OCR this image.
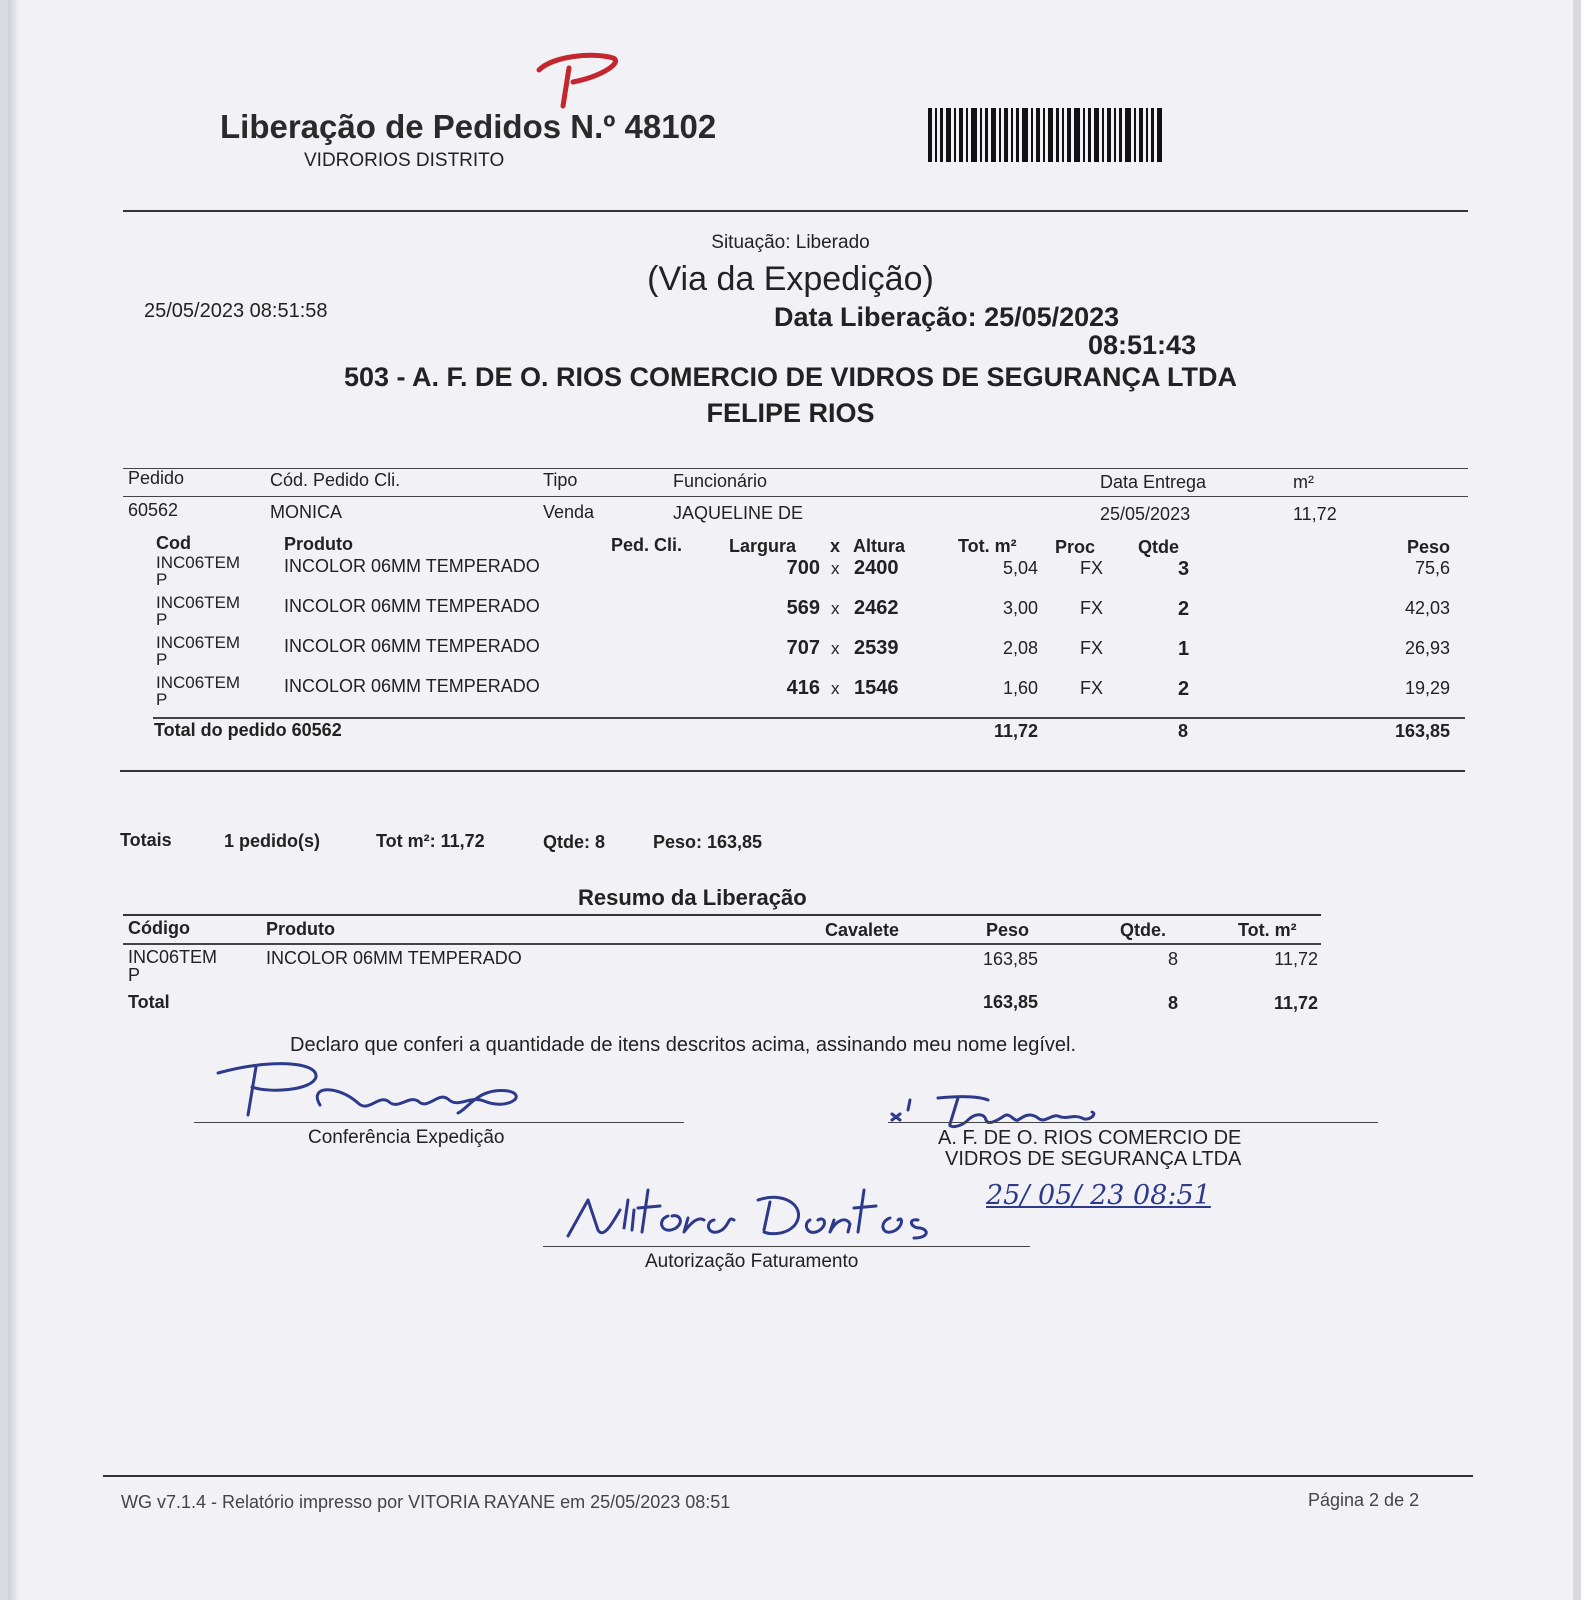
Liberação de Pedidos N.º 48102
VIDRORIOS DISTRITO
Situação: Liberado
(Via da Expedição)
25/05/2023 08:51:58	Data Liberação: 25/05/2023
08:51:43
503 - A. F. DE O. RIOS COMERCIO DE VIDROS DE SEGURANÇA LTDA
FELIPE RIOS
Pedido	Cód. Pedido Cli.	Tipo	Funcionário	Data Entrega	m²
60562	MONICA	Venda	JAQUELINE DE	25/05/2023	11,72
Cod	Produto	Ped. Cli.	Largura x Altura	Tot. m² Proc Qtde	Peso
INC06TEM
P
INCOLOR 06MM TEMPERADO	700 x 2400	5,04 FX	3	75,6
INC06TEM
P
INCOLOR 06MM TEMPERADO	569 x 2462	3,00 FX	2	42,03
INC06TEM
P
INCOLOR 06MM TEMPERADO	707 x 2539	2,08 FX	1	26,93
INC06TEM
P
INCOLOR 06MM TEMPERADO	416 x 1546	1,60 FX	2	19,29
Total do pedido 60562	11,72	8	163,85
Totais	1 pedido(s)	Tot m²: 11,72	Qtde: 8	Peso: 163,85
Resumo da Liberação
Código	Produto	Cavalete	Peso	Qtde.	Tot. m²
INC06TEM
P
INCOLOR 06MM TEMPERADO	163,85	8	11,72
Total	163,85	8	11,72
Declaro que conferi a quantidade de itens descritos acima, assinando meu nome legível.
Conferência Expedição	A. F. DE O. RIOS COMERCIO DE
VIDROS DE SEGURANÇA LTDA
25/ 05/ 23 08:51
Autorização Faturamento
WG v7.1.4 - Relatório impresso por VITORIA RAYANE em 25/05/2023 08:51	Página 2 de 2
